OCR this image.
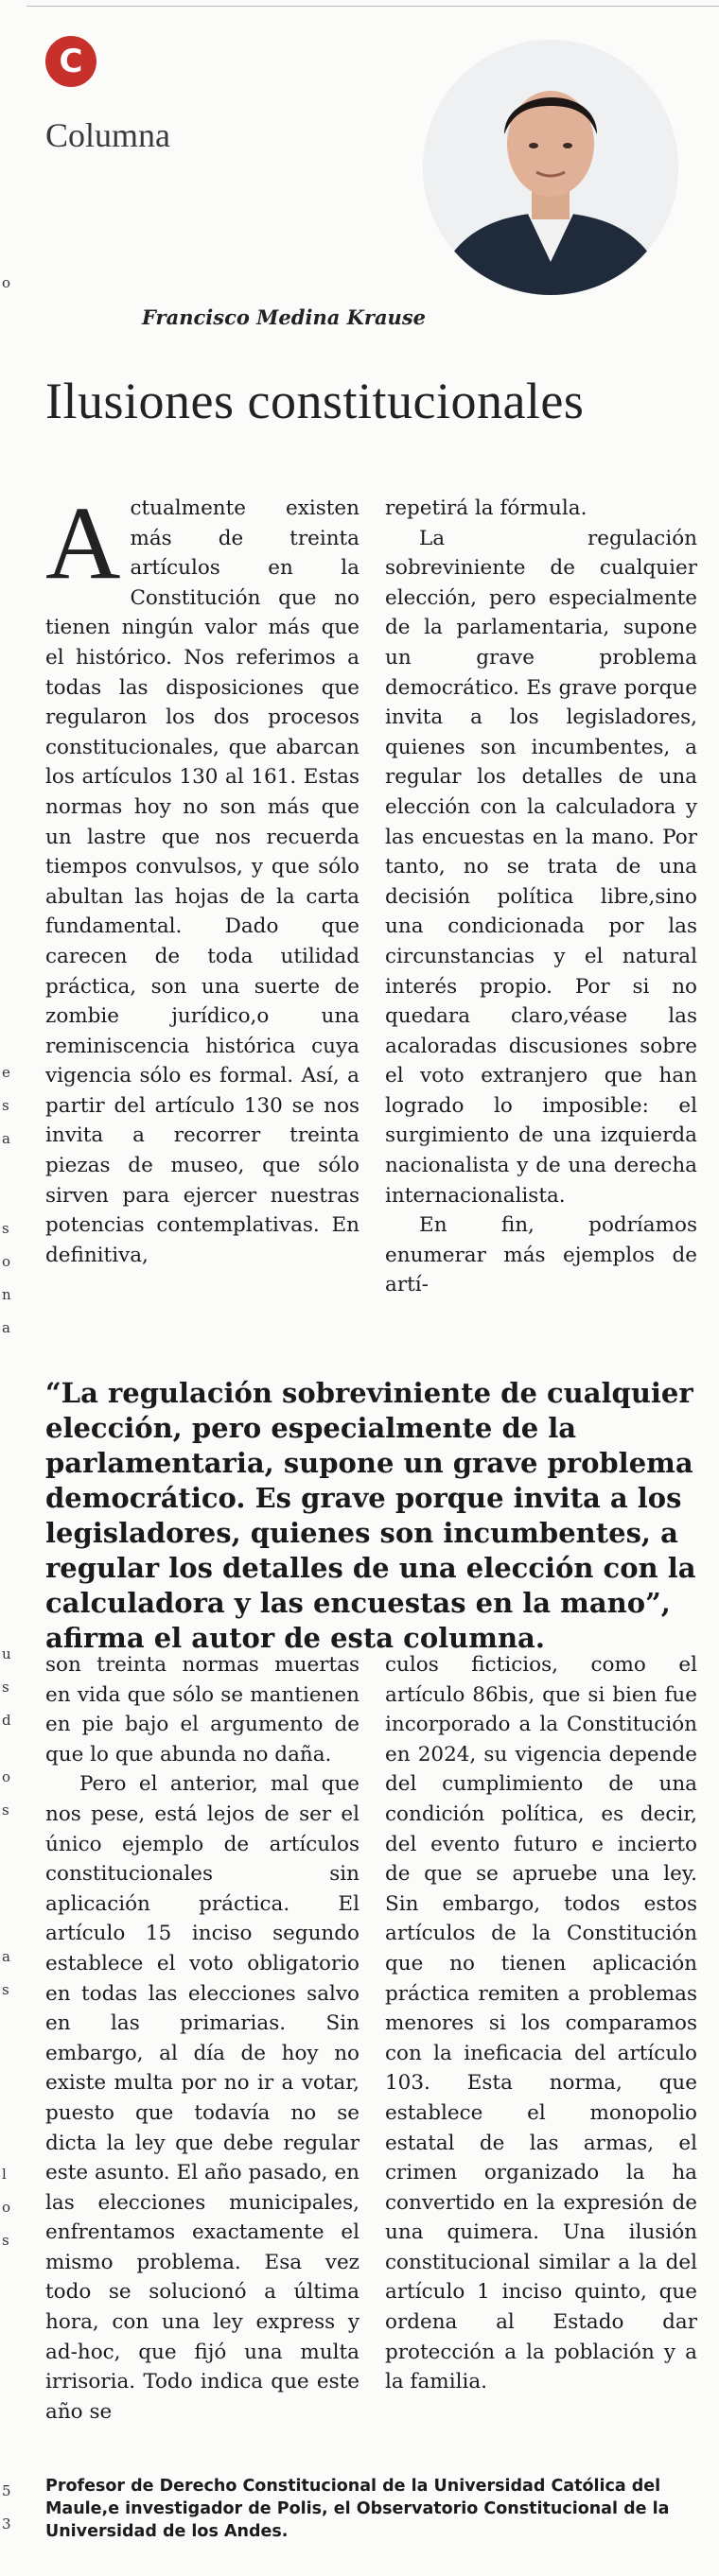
o
e
s
a
s
o
n
a
u
s
d
o
s
a
s
l
o
s
5
3
C
Columna
Francisco Medina Krause
Ilusiones constitucionales

Actualmente existen más de treinta artículos en la Constitución que no tienen ningún valor más que el histórico. Nos referimos a todas las disposiciones que regularon los dos procesos constitucionales, que abarcan los artículos 130 al 161. Estas normas hoy no son más que un lastre que nos recuerda tiempos convulsos, y que sólo abultan las hojas de la carta fundamental. Dado que carecen de toda utilidad práctica, son una suerte de zombie jurídico,o una reminiscencia histórica cuya vigencia sólo es formal. Así, a partir del artículo 130 se nos invita a recorrer treinta piezas de museo, que sólo sirven para ejercer nuestras potencias contemplativas. En definitiva,

repetirá la fórmula.

La regulación sobreviniente de cualquier elección, pero especialmente de la parlamentaria, supone un grave problema democrático. Es grave porque invita a los legisladores, quienes son incumbentes, a regular los detalles de una elección con la calculadora y las encuestas en la mano. Por tanto, no se trata de una decisión política libre,sino una condicionada por las circunstancias y el natural interés propio. Por si no quedara claro,véase las acaloradas discusiones sobre el voto extranjero que han logrado lo imposible: el surgimiento de una izquierda nacionalista y de una derecha internacionalista.

En fin, podríamos enumerar más ejemplos de artí-

“La regulación sobreviniente de cualquier elección, pero especialmente de la parlamentaria, supone un grave problema democrático. Es grave porque invita a los legisladores, quienes son incumbentes, a regular los detalles de una elección con la calculadora y las encuestas en la mano”, afirma el autor de esta columna.

son treinta normas muertas en vida que sólo se mantienen en pie bajo el argumento de que lo que abunda no daña.

Pero el anterior, mal que nos pese, está lejos de ser el único ejemplo de artículos constitucionales sin aplicación práctica. El artículo 15 inciso segundo establece el voto obligatorio en todas las elecciones salvo en las primarias. Sin embargo, al día de hoy no existe multa por no ir a votar, puesto que todavía no se dicta la ley que debe regular este asunto. El año pasado, en las elecciones municipales, enfrentamos exactamente el mismo problema. Esa vez todo se solucionó a última hora, con una ley express y ad-hoc, que fijó una multa irrisoria. Todo indica que este año se

culos ficticios, como el artículo 86bis, que si bien fue incorporado a la Constitución en 2024, su vigencia depende del cumplimiento de una condición política, es decir, del evento futuro e incierto de que se apruebe una ley. Sin embargo, todos estos artículos de la Constitución que no tienen aplicación práctica remiten a problemas menores si los comparamos con la ineficacia del artículo 103. Esta norma, que establece el monopolio estatal de las armas, el crimen organizado la ha convertido en la expresión de una quimera. Una ilusión constitucional similar a la del artículo 1 inciso quinto, que ordena al Estado dar protección a la población y a la familia.

Profesor de Derecho Constitucional de la Universidad Católica del Maule,e investigador de Polis, el Observatorio Constitucional de la Universidad de los Andes.
